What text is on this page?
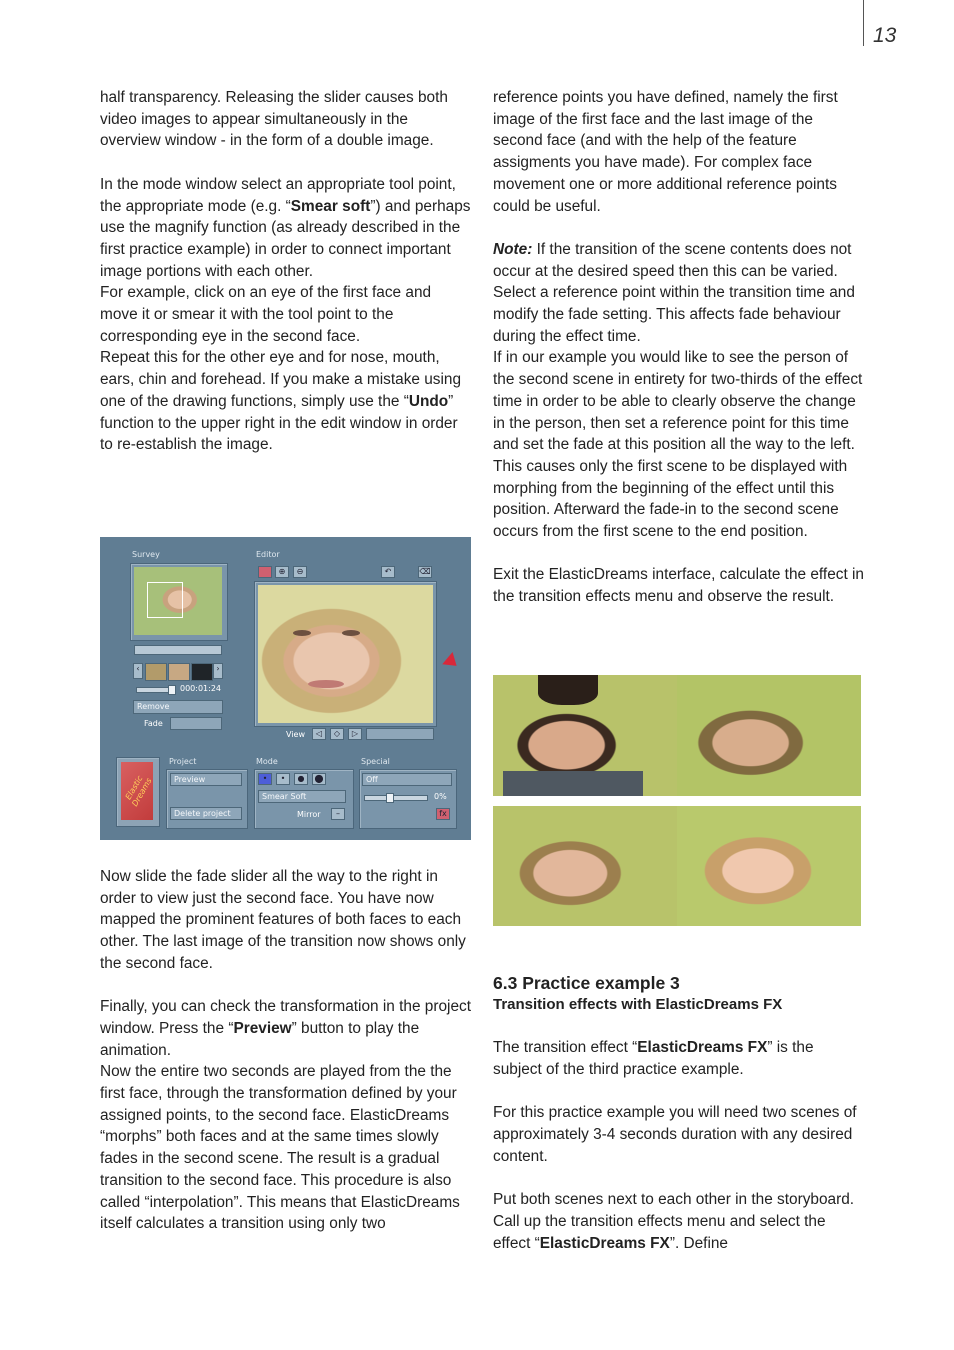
13

half transparency. Releasing the slider causes both video images to appear simultaneously in the overview window - in the form of a double image.

In the mode window select an appropriate tool point, the appropriate mode (e.g. “Smear soft”) and perhaps use the magnify function (as already described in the first practice example) in order to connect important image portions with each other.

For example, click on an eye of the first face and move it or smear it with the tool point to the corresponding eye in the second face.

Repeat this for the other eye and for nose, mouth, ears, chin and forehead. If you make a mistake using one of the drawing functions, simply use the “Undo” function to the upper right in the edit window in order to re-establish the image.

Survey	Editor
‹	›
000:01:24
Remove
Fade
⊕	⊖	↶	⌫
View	◁	◇	▷
Elastic Dreams
Project
Preview
Delete project
Mode
•	•	●	⬤
Smear Soft
Mirror	–
Special
Off
0%
fx

Now slide the fade slider all the way to the right in order to view just the second face. You have now mapped the prominent features of both faces to each other. The last image of the transition now shows only the second face.

Finally, you can check the transformation in the project window. Press the “Preview” button to play the animation.

Now the entire two seconds are played from the the first face, through the transformation defined by your assigned points, to the second face. ElasticDreams “morphs” both faces and at the same times slowly fades in the second scene. The result is a gradual transition to the second face. This procedure is also called “interpolation”. This means that ElasticDreams itself calculates a transition using only two

reference points you have defined, namely the first image of the first face and the last image of the second face (and with the help of the feature assigments you have made). For complex face movement one or more additional reference points could be useful.

Note: If the transition of the scene contents does not occur at the desired speed then this can be varied. Select a reference point within the transition time and modify the fade setting. This affects fade behaviour during the effect time.

If in our example you would like to see the person of the second scene in entirety for two-thirds of the effect time in order to be able to clearly observe the change in the person, then set a reference point for this time and set the fade at this position all the way to the left. This causes only the first scene to be displayed with morphing from the beginning of the effect until this position. Afterward the fade-in to the second scene occurs from the first scene to the end position.

Exit the ElasticDreams interface, calculate the effect in the transition effects menu and observe the result.

6.3 Practice example 3
Transition effects with ElasticDreams FX

The transition effect “ElasticDreams FX” is the subject of the third practice example.

For this practice example you will need two scenes of approximately 3-4 seconds duration with any desired content.

Put both scenes next to each other in the storyboard. Call up the transition effects menu and select the effect “ElasticDreams FX”. Define
